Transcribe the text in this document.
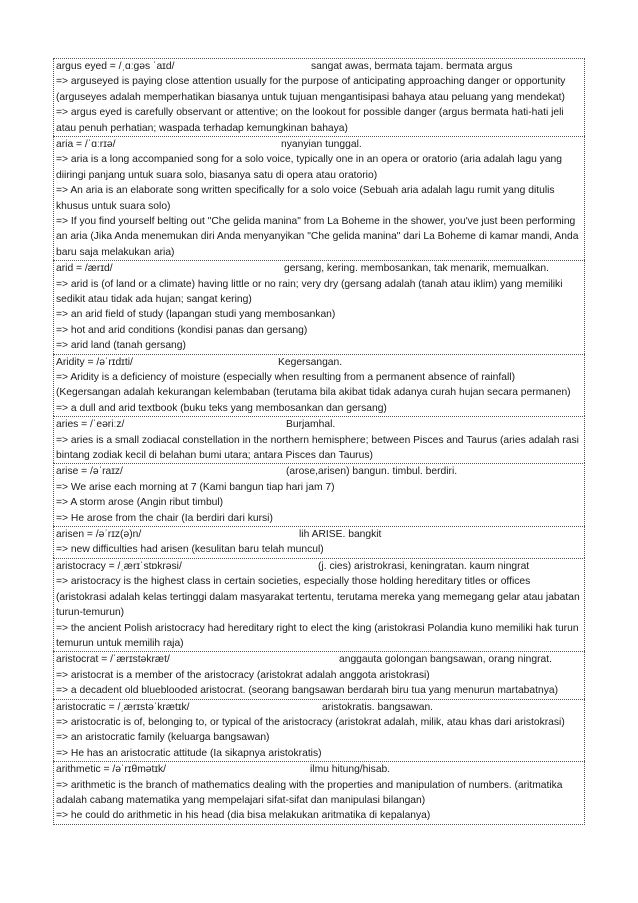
argus eyed = /ˌɑːɡəs ˈaɪd/	sangat awas, bermata tajam. bermata argus
=> arguseyed is paying close attention usually for the purpose of anticipating approaching danger or opportunity (arguseyes adalah memperhatikan biasanya untuk tujuan mengantisipasi bahaya atau peluang yang mendekat)
=> argus eyed is carefully observant or attentive; on the lookout for possible danger (argus bermata hati-hati jeli atau penuh perhatian; waspada terhadap kemungkinan bahaya)
aria = /ˈɑːrɪə/	nyanyian tunggal.
=> aria is a long accompanied song for a solo voice, typically one in an opera or oratorio (aria adalah lagu yang diiringi panjang untuk suara solo, biasanya satu di opera atau oratorio)
=> An aria is an elaborate song written specifically for a solo voice (Sebuah aria adalah lagu rumit yang ditulis khusus untuk suara solo)
=> If you find yourself belting out "Che gelida manina" from La Boheme in the shower, you've just been performing an aria (Jika Anda menemukan diri Anda menyanyikan "Che gelida manina" dari La Boheme di kamar mandi, Anda baru saja melakukan aria)
arid = /ærɪd/	gersang, kering. membosankan, tak menarik, memualkan.
=> arid is (of land or a climate) having little or no rain; very dry (gersang adalah (tanah atau iklim) yang memiliki sedikit atau tidak ada hujan; sangat kering)
=> an arid field of study (lapangan studi yang membosankan)
=> hot and arid conditions (kondisi panas dan gersang)
=> arid land (tanah gersang)
Aridity = /əˈrɪdɪti/	Kegersangan.
=> Aridity is a deficiency of moisture (especially when resulting from a permanent absence of rainfall) (Kegersangan adalah kekurangan kelembaban (terutama bila akibat tidak adanya curah hujan secara permanen)
=> a dull and arid textbook (buku teks yang membosankan dan gersang)
aries = /ˈeəriːz/	Burjamhal.
=> aries is a small zodiacal constellation in the northern hemisphere; between Pisces and Taurus (aries adalah rasi bintang zodiak kecil di belahan bumi utara; antara Pisces dan Taurus)
arise = /əˈraɪz/	(arose,arisen) bangun. timbul. berdiri.
=> We arise each morning at 7 (Kami bangun tiap hari jam 7)
=> A storm arose (Angin ribut timbul)
=> He arose from the chair (Ia berdiri dari kursi)
arisen = /əˈrɪz(ə)n/	lih ARISE. bangkit
=> new difficulties had arisen (kesulitan baru telah muncul)
aristocracy = /ˌærɪˈstɒkrəsi/	(j. cies) aristrokrasi, keningratan. kaum ningrat
=> aristocracy is the highest class in certain societies, especially those holding hereditary titles or offices (aristokrasi adalah kelas tertinggi dalam masyarakat tertentu, terutama mereka yang memegang gelar atau jabatan turun-temurun)
=> the ancient Polish aristocracy had hereditary right to elect the king (aristokrasi Polandia kuno memiliki hak turun temurun untuk memilih raja)
aristocrat = /ˈærɪstəkræt/	anggauta golongan bangsawan, orang ningrat.
=> aristocrat is a member of the aristocracy (aristokrat adalah anggota aristokrasi)
=> a decadent old blueblooded aristocrat. (seorang bangsawan berdarah biru tua yang menurun martabatnya)
aristocratic = /ˌærɪstəˈkrætɪk/	aristokratis. bangsawan.
=> aristocratic is of, belonging to, or typical of the aristocracy (aristokrat adalah, milik, atau khas dari aristokrasi)
=> an aristocratic family (keluarga bangsawan)
=> He has an aristocratic attitude (Ia sikapnya aristokratis)
arithmetic = /əˈrɪθmətɪk/	ilmu hitung/hisab.
=> arithmetic is the branch of mathematics dealing with the properties and manipulation of numbers. (aritmatika adalah cabang matematika yang mempelajari sifat-sifat dan manipulasi bilangan)
=> he could do arithmetic in his head (dia bisa melakukan aritmatika di kepalanya)
